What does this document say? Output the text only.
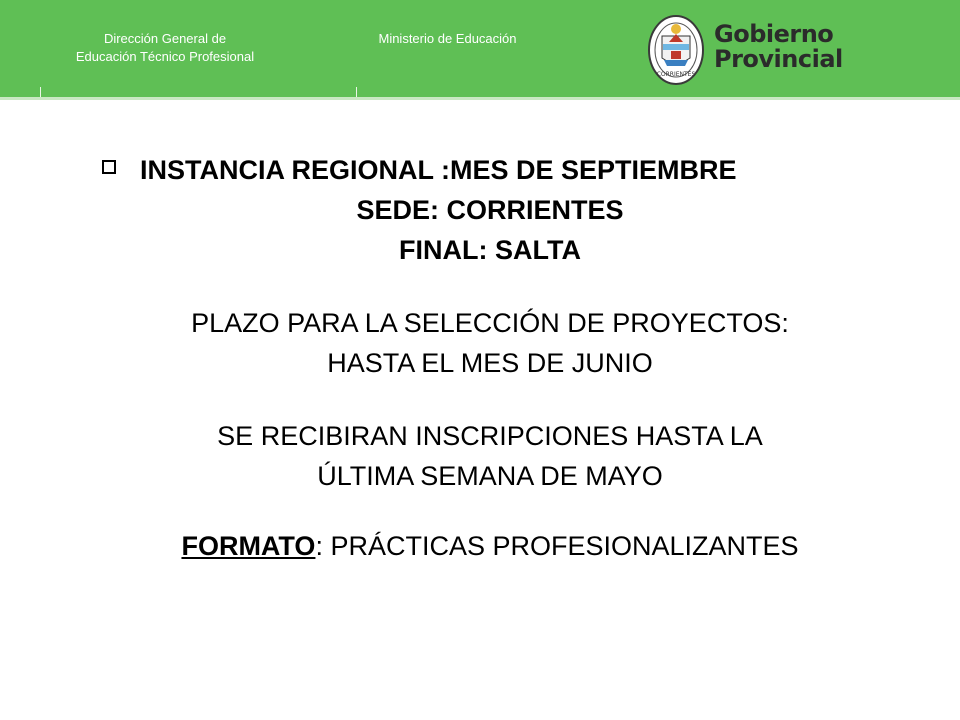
Dirección General de
Educación Técnico Profesional
Ministerio de Educación
CORRIENTES
Gobierno
Provincial
INSTANCIA REGIONAL :MES DE SEPTIEMBRE
SEDE: CORRIENTES
FINAL: SALTA
PLAZO PARA LA SELECCIÓN DE PROYECTOS:
HASTA EL MES DE JUNIO
SE RECIBIRAN INSCRIPCIONES HASTA LA
ÚLTIMA SEMANA DE MAYO
FORMATO: PRÁCTICAS PROFESIONALIZANTES
